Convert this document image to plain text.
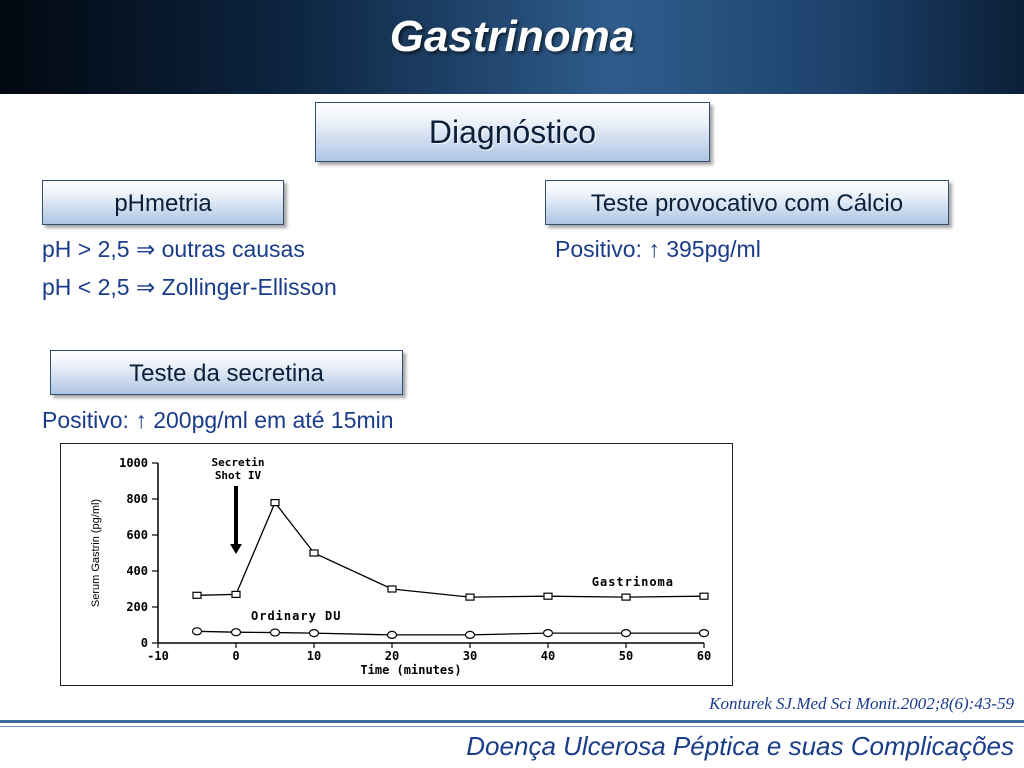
Gastrinoma
Diagnóstico
pHmetria	Teste provocativo com Cálcio
pH > 2,5 ⇒ outras causas
pH < 2,5 ⇒ Zollinger-Ellisson
Positivo: ↑ 395pg/ml
Teste da secretina
Positivo: ↑ 200pg/ml em até 15min
0
200
400
600
800
1000
-10	0	10	20	30	40	50	60
Time (minutes)
Serum Gastrin (pg/ml)
Secretin
Shot IV
Gastrinoma
Ordinary DU
Konturek SJ.Med Sci Monit.2002;8(6):43-59
Doença Ulcerosa Péptica e suas Complicações
